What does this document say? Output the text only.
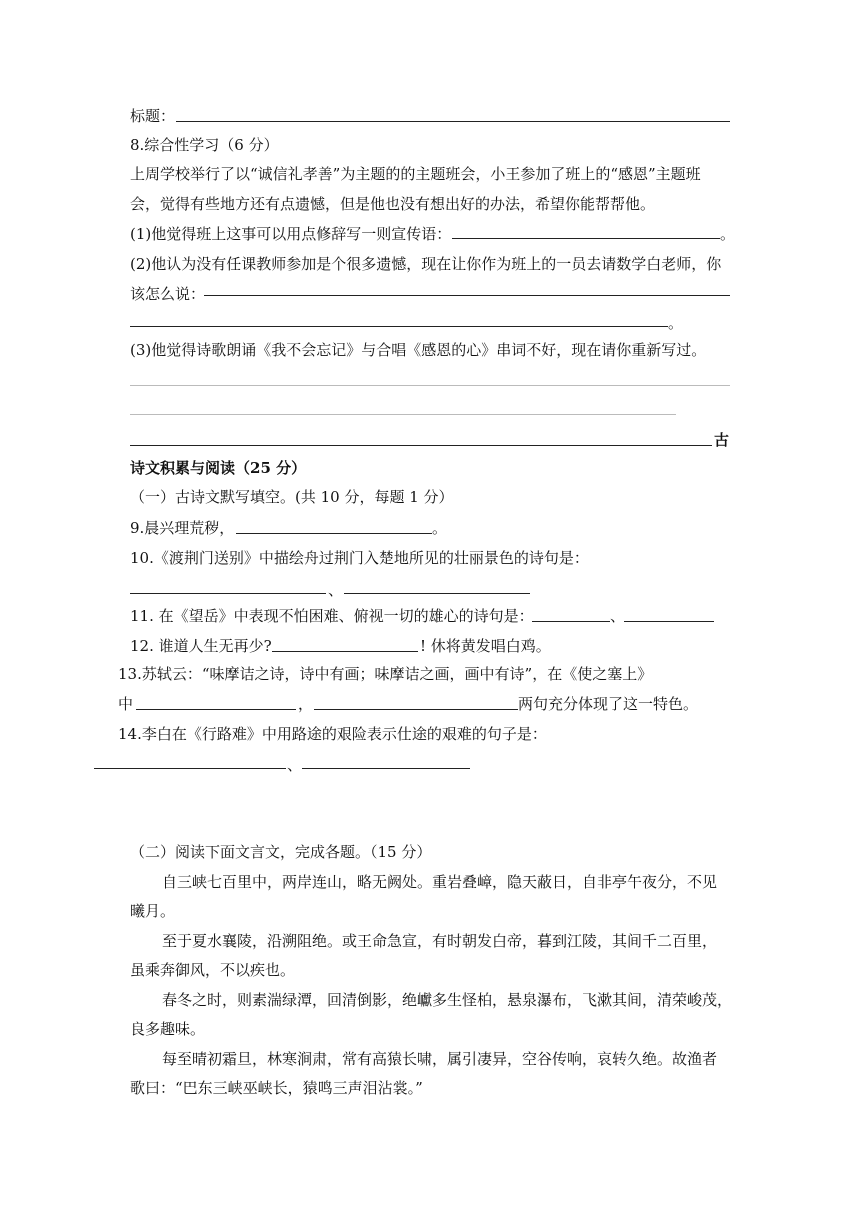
标题：
8.综合性学习（6 分）
上周学校举行了以“诚信礼孝善”为主题的的主题班会，小王参加了班上的“感恩”主题班
会，觉得有些地方还有点遗憾，但是他也没有想出好的办法，希望你能帮帮他。
(1)他觉得班上这事可以用点修辞写一则宣传语：	。
(2)他认为没有任课教师参加是个很多遗憾，现在让你作为班上的一员去请数学白老师，你
该怎么说：
。
(3)他觉得诗歌朗诵《我不会忘记》与合唱《感恩的心》串词不好，现在请你重新写过。
古
诗文积累与阅读（25 分）
（一）古诗文默写填空。(共 10 分，每题 1 分）
9.晨兴理荒秽，	。
10.《渡荆门送别》中描绘舟过荆门入楚地所见的壮丽景色的诗句是：
、
11. 在《望岳》中表现不怕困难、俯视一切的雄心的诗句是：	、
12. 谁道人生无再少?	! 休将黄发唱白鸡。
13.苏轼云：“味摩诘之诗，诗中有画；味摩诘之画，画中有诗”，在《使之塞上》
中	，	两句充分体现了这一特色。
14.李白在《行路难》中用路途的艰险表示仕途的艰难的句子是：
、
（二）阅读下面文言文，完成各题。（15 分）
自三峡七百里中，两岸连山，略无阙处。重岩叠嶂，隐天蔽日，自非亭午夜分，不见
曦月。
至于夏水襄陵，沿溯阻绝。或王命急宣，有时朝发白帝，暮到江陵，其间千二百里，
虽乘奔御风，不以疾也。
春冬之时，则素湍绿潭，回清倒影，绝巘多生怪柏，悬泉瀑布，飞漱其间，清荣峻茂，
良多趣味。
每至晴初霜旦，林寒涧肃，常有高猿长啸，属引凄异，空谷传响，哀转久绝。故渔者
歌曰：“巴东三峡巫峡长，猿鸣三声泪沾裳。”
